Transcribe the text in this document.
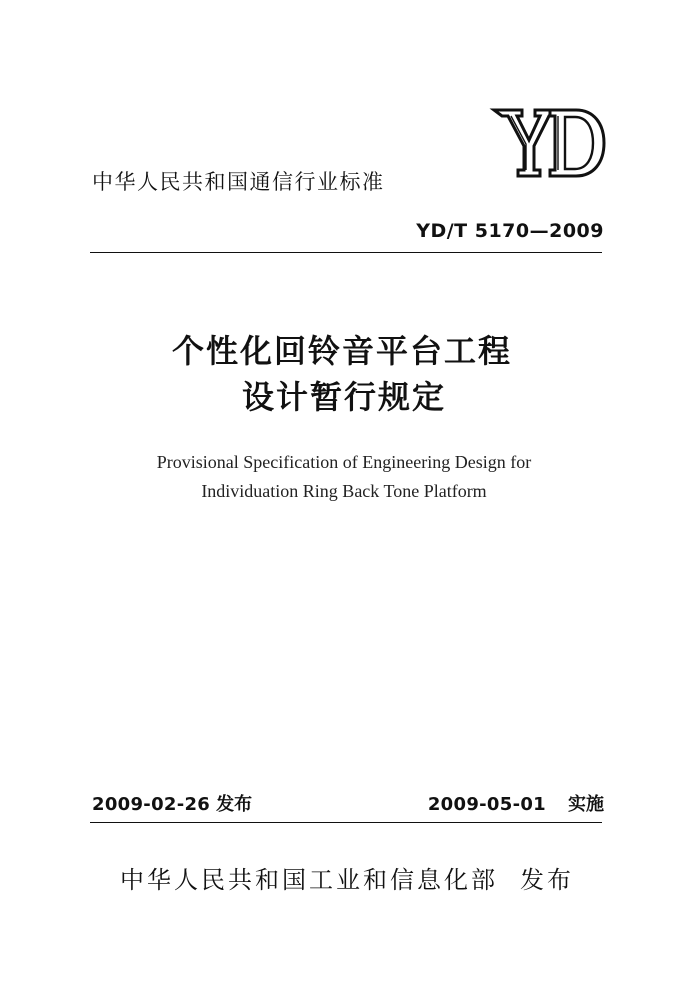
中华人民共和国通信行业标准
YD/T 5170—2009
个性化回铃音平台工程
设计暂行规定
Provisional Specification of Engineering Design for
Individuation Ring Back Tone Platform
2009-02-26 发布	2009-05-01 实施
中华人民共和国工业和信息化部 发布
